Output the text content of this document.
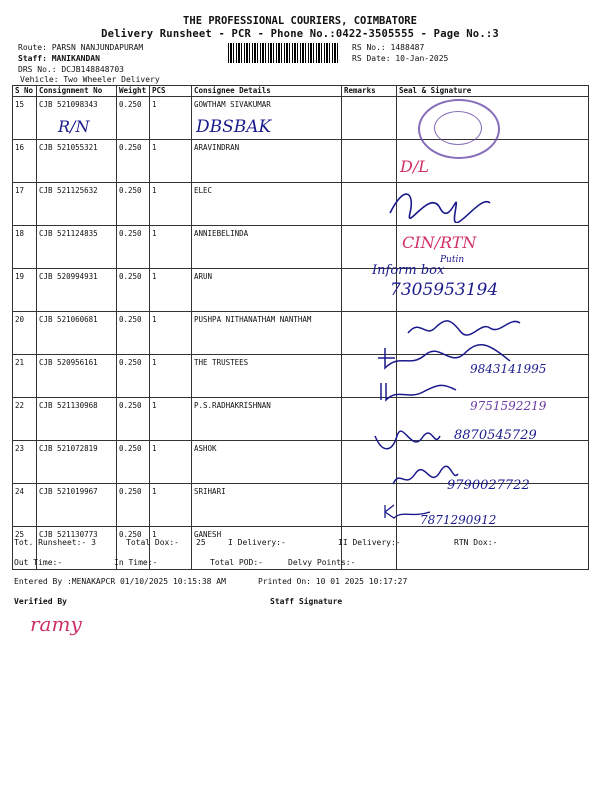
THE PROFESSIONAL COURIERS, COIMBATORE
Delivery Runsheet - PCR - Phone No.:0422-3505555 - Page No.:3
Route: PARSN NANJUNDAPURAM
Staff: MANIKANDAN
DRS No.: DCJB148848703
Vehicle: Two Wheeler Delivery
RS No.: 1488487
RS Date: 10-Jan-2025
S No	Consignment No	Weight	PCS	Consignee Details	Remarks	Seal & Signature
15	CJB 521098343	0.250	1	GOWTHAM SIVAKUMAR		
16	CJB 521055321	0.250	1	ARAVINDRAN		
17	CJB 521125632	0.250	1	ELEC		
18	CJB 521124835	0.250	1	ANNIEBELINDA		
19	CJB 520994931	0.250	1	ARUN		
20	CJB 521060681	0.250	1	PUSHPA NITHANATHAM NANTHAM		
21	CJB 520956161	0.250	1	THE TRUSTEES		
22	CJB 521130968	0.250	1	P.S.RADHAKRISHNAN		
23	CJB 521072819	0.250	1	ASHOK		
24	CJB 521019967	0.250	1	SRIHARI		
25	CJB 521130773	0.250	1	GANESH		
R/N	DBSBAK
D/L
CIN/RTN
Putin
Inform box
7305953194
9843141995
9751592219
8870545729
9790027722
7871290912
Tot. Runsheet:- 3	Total Dox:- 25	I Delivery:-	II Delivery:-	RTN Dox:-
Out Time:-	In Time:-	Total POD:-	Delvy Points:-
Entered By :MENAKAPCR 01/10/2025 10:15:38 AM	Printed On: 10 01 2025 10:17:27
Verified By	Staff Signature
ramy
